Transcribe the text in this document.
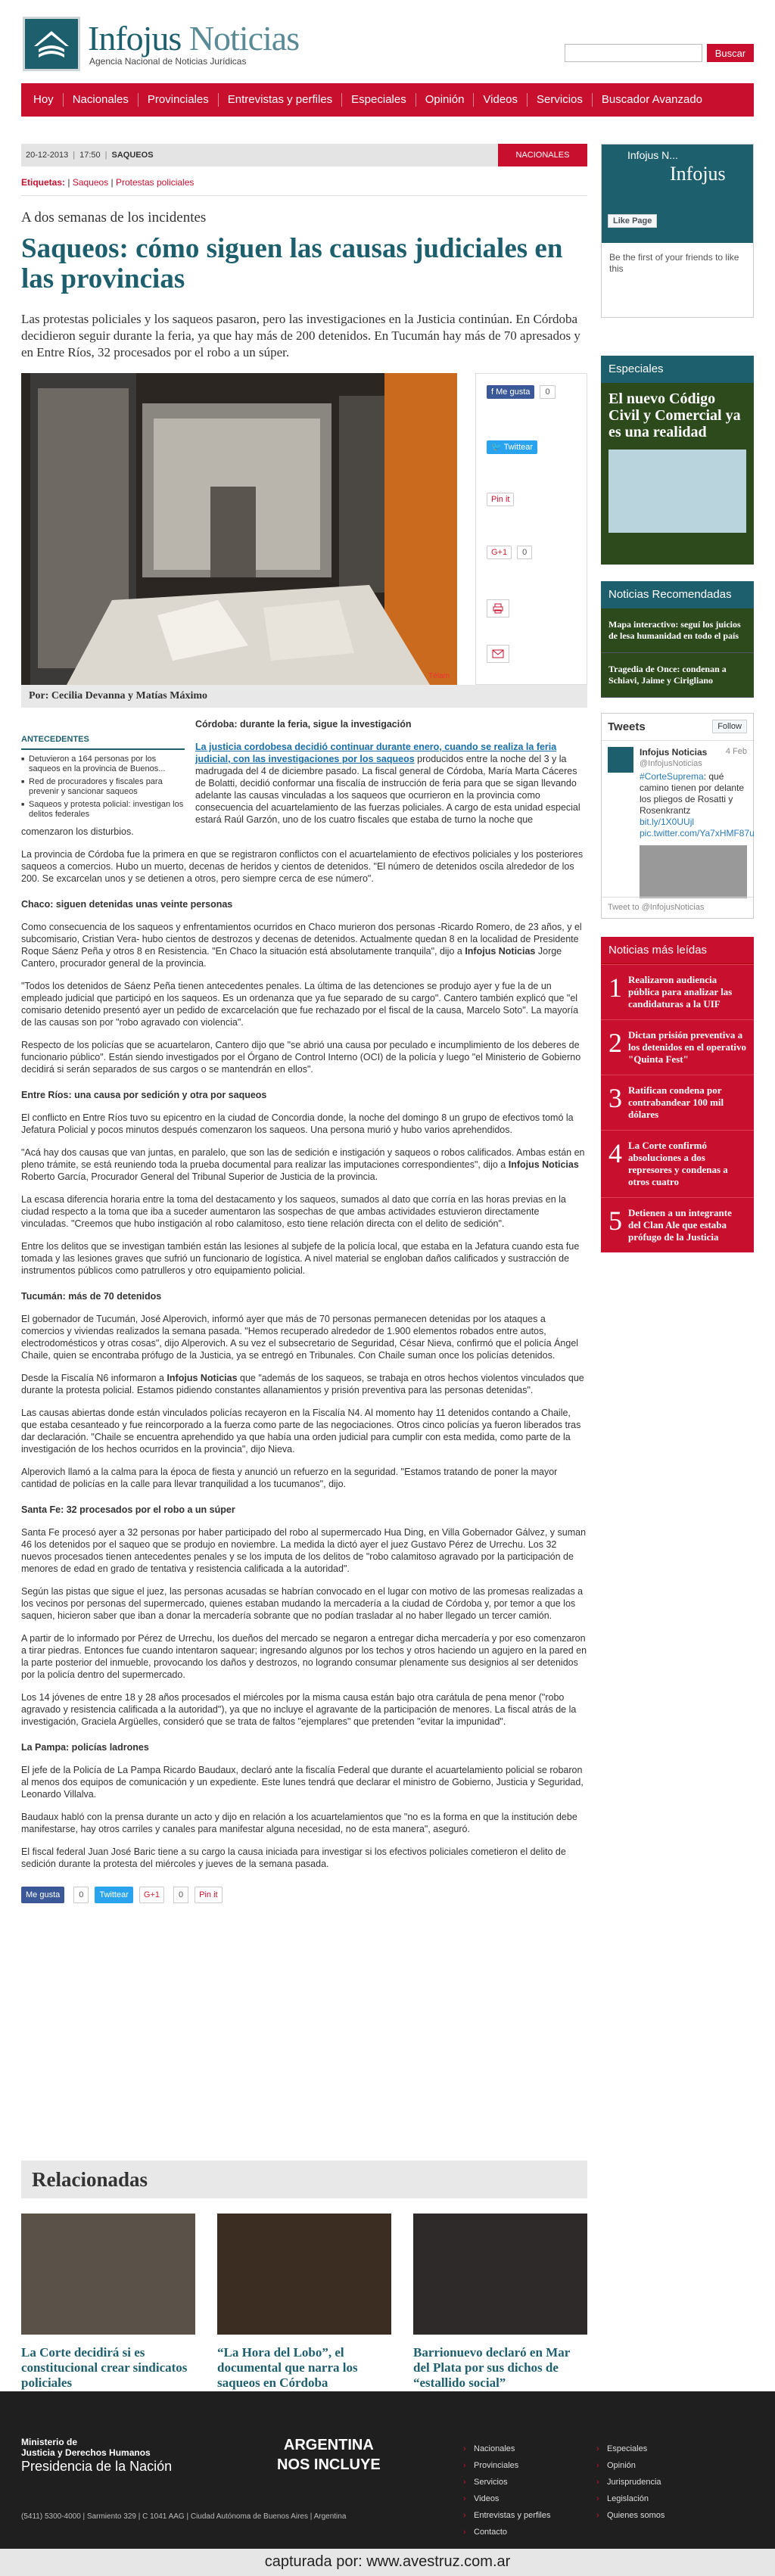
Infojus Noticias
Agencia Nacional de Noticias Jurídicas
Buscar
Hoy	Nacionales	Provinciales	Entrevistas y perfiles	Especiales	Opinión	Videos	Servicios	Buscador Avanzado
20-12-2013 | 17:50 | SAQUEOS	NACIONALES
Etiquetas: | Saqueos | Protestas policiales
A dos semanas de los incidentes
Saqueos: cómo siguen las causas judiciales en las provincias

Las protestas policiales y los saqueos pasaron, pero las investigaciones en la Justicia continúan. En Córdoba decidieron seguir durante la feria, ya que hay más de 200 detenidos. En Tucumán hay más de 70 apresados y en Entre Ríos, 32 procesados por el robo a un súper.

Télam
f Me gusta 0
🐦 Twittear
Pin it
G+1 0
Por: Cecilia Devanna y Matías Máximo
ANTECEDENTES
■ Detuvieron a 164 personas por los saqueos en la provincia de Buenos...
■ Red de procuradores y fiscales para prevenir y sancionar saqueos
■ Saqueos y protesta policial: investigan los delitos federales

Córdoba: durante la feria, sigue la investigación

La justicia cordobesa decidió continuar durante enero, cuando se realiza la feria judicial, con las investigaciones por los saqueos producidos entre la noche del 3 y la madrugada del 4 de diciembre pasado. La fiscal general de Córdoba, María Marta Cáceres de Bolatti, decidió conformar una fiscalía de instrucción de feria para que se sigan llevando adelante las causas vinculadas a los saqueos que ocurrieron en la provincia como consecuencia del acuartelamiento de las fuerzas policiales. A cargo de esta unidad especial estará Raúl Garzón, uno de los cuatro fiscales que estaba de turno la noche que comenzaron los disturbios.

La provincia de Córdoba fue la primera en que se registraron conflictos con el acuartelamiento de efectivos policiales y los posteriores saqueos a comercios. Hubo un muerto, decenas de heridos y cientos de detenidos. "El número de detenidos oscila alrededor de los 200. Se excarcelan unos y se detienen a otros, pero siempre cerca de ese número".

Chaco: siguen detenidas unas veinte personas

Como consecuencia de los saqueos y enfrentamientos ocurridos en Chaco murieron dos personas -Ricardo Romero, de 23 años, y el subcomisario, Cristian Vera- hubo cientos de destrozos y decenas de detenidos. Actualmente quedan 8 en la localidad de Presidente Roque Sáenz Peña y otros 8 en Resistencia. "En Chaco la situación está absolutamente tranquila", dijo a Infojus Noticias Jorge Cantero, procurador general de la provincia.

"Todos los detenidos de Sáenz Peña tienen antecedentes penales. La última de las detenciones se produjo ayer y fue la de un empleado judicial que participó en los saqueos. Es un ordenanza que ya fue separado de su cargo". Cantero también explicó que "el comisario detenido presentó ayer un pedido de excarcelación que fue rechazado por el fiscal de la causa, Marcelo Soto". La mayoría de las causas son por "robo agravado con violencia".

Respecto de los policías que se acuartelaron, Cantero dijo que "se abrió una causa por peculado e incumplimiento de los deberes de funcionario público". Están siendo investigados por el Órgano de Control Interno (OCI) de la policía y luego "el Ministerio de Gobierno decidirá si serán separados de sus cargos o se mantendrán en ellos".

Entre Ríos: una causa por sedición y otra por saqueos

El conflicto en Entre Ríos tuvo su epicentro en la ciudad de Concordia donde, la noche del domingo 8 un grupo de efectivos tomó la Jefatura Policial y pocos minutos después comenzaron los saqueos. Una persona murió y hubo varios aprehendidos.

"Acá hay dos causas que van juntas, en paralelo, que son las de sedición e instigación y saqueos o robos calificados. Ambas están en pleno trámite, se está reuniendo toda la prueba documental para realizar las imputaciones correspondientes", dijo a Infojus Noticias Roberto García, Procurador General del Tribunal Superior de Justicia de la provincia.

La escasa diferencia horaria entre la toma del destacamento y los saqueos, sumados al dato que corría en las horas previas en la ciudad respecto a la toma que iba a suceder aumentaron las sospechas de que ambas actividades estuvieron directamente vinculadas. "Creemos que hubo instigación al robo calamitoso, esto tiene relación directa con el delito de sedición".

Entre los delitos que se investigan también están las lesiones al subjefe de la policía local, que estaba en la Jefatura cuando esta fue tomada y las lesiones graves que sufrió un funcionario de logística. A nivel material se engloban daños calificados y sustracción de instrumentos públicos como patrulleros y otro equipamiento policial.

Tucumán: más de 70 detenidos

El gobernador de Tucumán, José Alperovich, informó ayer que más de 70 personas permanecen detenidas por los ataques a comercios y viviendas realizados la semana pasada. "Hemos recuperado alrededor de 1.900 elementos robados entre autos, electrodomésticos y otras cosas", dijo Alperovich. A su vez el subsecretario de Seguridad, César Nieva, confirmó que el policía Ángel Chaile, quien se encontraba prófugo de la Justicia, ya se entregó en Tribunales. Con Chaile suman once los policías detenidos.

Desde la Fiscalía N6 informaron a Infojus Noticias que "además de los saqueos, se trabaja en otros hechos violentos vinculados que durante la protesta policial. Estamos pidiendo constantes allanamientos y prisión preventiva para las personas detenidas".

Las causas abiertas donde están vinculados policías recayeron en la Fiscalía N4. Al momento hay 11 detenidos contando a Chaile, que estaba cesanteado y fue reincorporado a la fuerza como parte de las negociaciones. Otros cinco policías ya fueron liberados tras dar declaración. "Chaile se encuentra aprehendido ya que había una orden judicial para cumplir con esta medida, como parte de la investigación de los hechos ocurridos en la provincia", dijo Nieva.

Alperovich llamó a la calma para la época de fiesta y anunció un refuerzo en la seguridad. "Estamos tratando de poner la mayor cantidad de policías en la calle para llevar tranquilidad a los tucumanos", dijo.

Santa Fe: 32 procesados por el robo a un súper

Santa Fe procesó ayer a 32 personas por haber participado del robo al supermercado Hua Ding, en Villa Gobernador Gálvez, y suman 46 los detenidos por el saqueo que se produjo en noviembre. La medida la dictó ayer el juez Gustavo Pérez de Urrechu. Los 32 nuevos procesados tienen antecedentes penales y se los imputa de los delitos de "robo calamitoso agravado por la participación de menores de edad en grado de tentativa y resistencia calificada a la autoridad".

Según las pistas que sigue el juez, las personas acusadas se habrían convocado en el lugar con motivo de las promesas realizadas a los vecinos por personas del supermercado, quienes estaban mudando la mercadería a la ciudad de Córdoba y, por temor a que los saquen, hicieron saber que iban a donar la mercadería sobrante que no podían trasladar al no haber llegado un tercer camión.

A partir de lo informado por Pérez de Urrechu, los dueños del mercado se negaron a entregar dicha mercadería y por eso comenzaron a tirar piedras. Entonces fue cuando intentaron saquear; ingresando algunos por los techos y otros haciendo un agujero en la pared en la parte posterior del inmueble, provocando los daños y destrozos, no logrando consumar plenamente sus designios al ser detenidos por la policía dentro del supermercado.

Los 14 jóvenes de entre 18 y 28 años procesados el miércoles por la misma causa están bajo otra carátula de pena menor ("robo agravado y resistencia calificada a la autoridad"), ya que no incluye el agravante de la participación de menores. La fiscal atrás de la investigación, Graciela Argüelles, consideró que se trata de faltos "ejemplares" que pretenden "evitar la impunidad".

La Pampa: policías ladrones

El jefe de la Policía de La Pampa Ricardo Baudaux, declaró ante la fiscalía Federal que durante el acuartelamiento policial se robaron al menos dos equipos de comunicación y un expediente. Este lunes tendrá que declarar el ministro de Gobierno, Justicia y Seguridad, Leonardo Villalva.

Baudaux habló con la prensa durante un acto y dijo en relación a los acuartelamientos que "no es la forma en que la institución debe manifestarse, hay otros carriles y canales para manifestar alguna necesidad, no de esta manera", aseguró.

El fiscal federal Juan José Baric tiene a su cargo la causa iniciada para investigar si los efectivos policiales cometieron el delito de sedición durante la protesta del miércoles y jueves de la semana pasada.

Me gusta	0	Twittear	G+1	0	Pin it
Relacionadas
La Corte decidirá si es constitucional crear sindicatos policiales
“La Hora del Lobo”, el documental que narra los saqueos en Córdoba
Barrionuevo declaró en Mar del Plata por sus dichos de “estallido social”
Infojus N...
Infojus
Like Page
Be the first of your friends to like this
Especiales
El nuevo Código Civil y Comercial ya es una realidad
Noticias Recomendadas
Mapa interactivo: seguí los juicios de lesa humanidad en todo el país
Tragedia de Once: condenan a Schiavi, Jaime y Cirigliano
Tweets	Follow
Infojus Noticias
@InfojusNoticias
4 Feb
#CorteSuprema: qué camino tienen por delante los pliegos de Rosatti y Rosenkrantz bit.ly/1X0UUjl pic.twitter.com/Ya7xHMF87u
Tweet to @InfojusNoticias
Noticias más leídas
1 Realizaron audiencia pública para analizar las candidaturas a la UIF
2 Dictan prisión preventiva a los detenidos en el operativo "Quinta Fest"
3 Ratifican condena por contrabandear 100 mil dólares
4 La Corte confirmó absoluciones a dos represores y condenas a otros cuatro
5 Detienen a un integrante del Clan Ale que estaba prófugo de la Justicia
Ministerio de
Justicia y Derechos Humanos
Presidencia de la Nación
ARGENTINA
NOS INCLUYE
(5411) 5300-4000 | Sarmiento 329 | C 1041 AAG | Ciudad Autónoma de Buenos Aires | Argentina
› Nacionales	› Especiales
› Provinciales	› Opinión
› Servicios	› Jurisprudencia
› Videos	› Legislación
› Entrevistas y perfiles	› Quienes somos
› Contacto
capturada por: www.avestruz.com.ar
